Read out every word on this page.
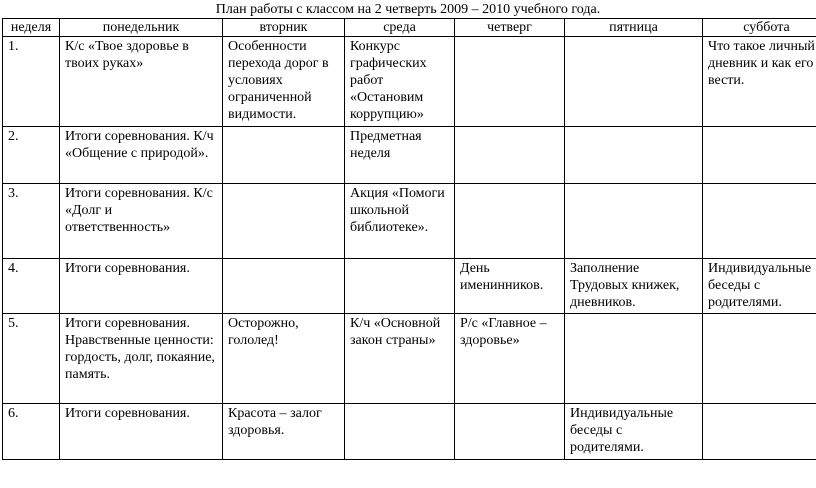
План работы с классом на 2 четверть 2009 – 2010 учебного года.
неделя	понедельник	вторник	среда	четверг	пятница	суббота
1.	К/с «Твое здоровье в твоих руках»	Особенности перехода дорог в условиях ограниченной видимости.	Конкурс графических работ «Остановим коррупцию»			Что такое личный дневник и как его вести.
2.	Итоги соревнования. К/ч «Общение с природой».		Предметная неделя			
3.	Итоги соревнования. К/с «Долг и ответственность»		Акция «Помоги школьной библиотеке».			
4.	Итоги соревнования.			День именинников.	Заполнение Трудовых книжек, дневников.	Индивидуальные беседы с родителями.
5.	Итоги соревнования. Нравственные ценности: гордость, долг, покаяние, память.	Осторожно, гололед!	К/ч «Основной закон страны»	Р/с «Главное – здоровье»		
6.	Итоги соревнования.	Красота – залог здоровья.			Индивидуальные беседы с родителями.	
